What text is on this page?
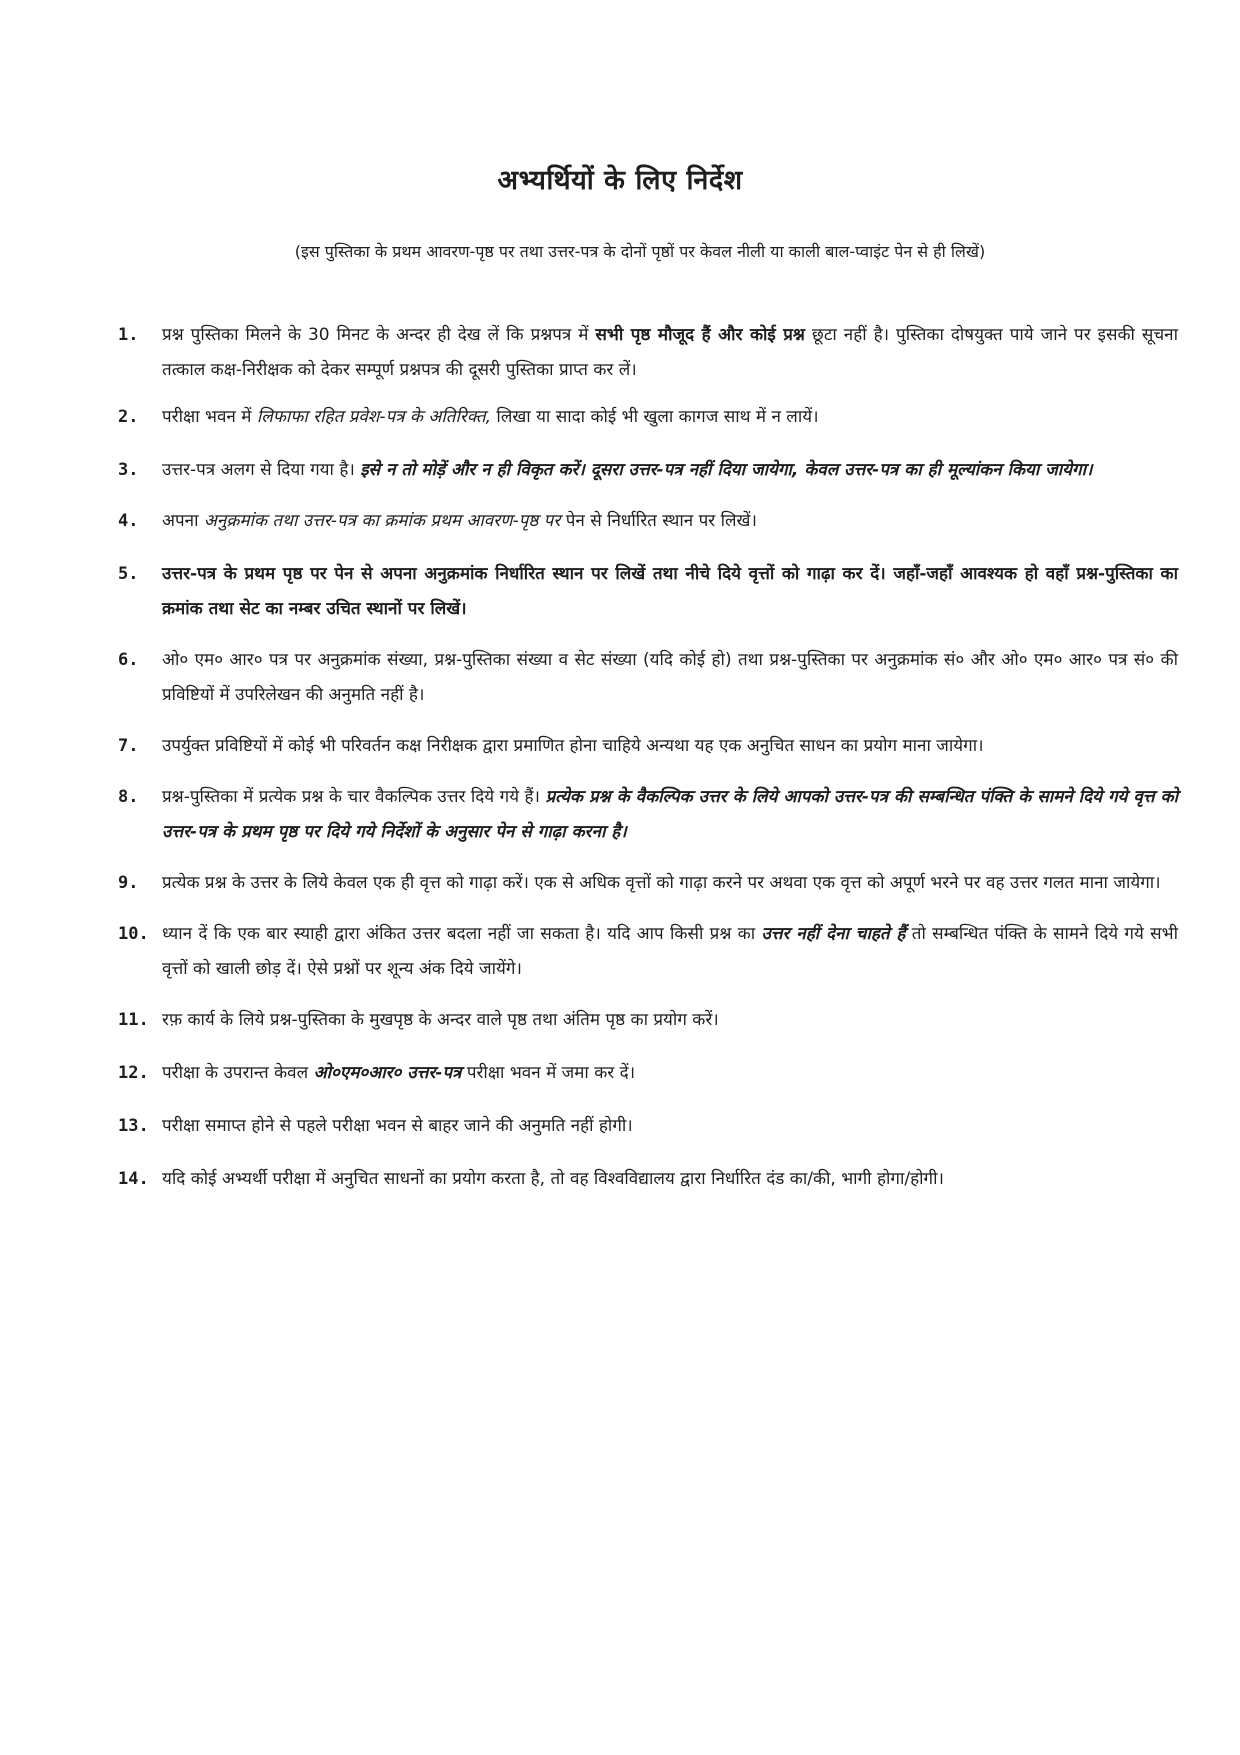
अभ्यर्थियों के लिए निर्देश
(इस पुस्तिका के प्रथम आवरण-पृष्ठ पर तथा उत्तर-पत्र के दोनों पृष्ठों पर केवल नीली या काली बाल-प्वाइंट पेन से ही लिखें)
1. प्रश्न पुस्तिका मिलने के 30 मिनट के अन्दर ही देख लें कि प्रश्नपत्र में सभी पृष्ठ मौजूद हैं और कोई प्रश्न छूटा नहीं है। पुस्तिका दोषयुक्त पाये जाने पर इसकी सूचना तत्काल कक्ष-निरीक्षक को देकर सम्पूर्ण प्रश्नपत्र की दूसरी पुस्तिका प्राप्त कर लें।
2. परीक्षा भवन में लिफाफा रहित प्रवेश-पत्र के अतिरिक्त, लिखा या सादा कोई भी खुला कागज साथ में न लायें।
3. उत्तर-पत्र अलग से दिया गया है। इसे न तो मोड़ें और न ही विकृत करें। दूसरा उत्तर-पत्र नहीं दिया जायेगा, केवल उत्तर-पत्र का ही मूल्यांकन किया जायेगा।
4. अपना अनुक्रमांक तथा उत्तर-पत्र का क्रमांक प्रथम आवरण-पृष्ठ पर पेन से निर्धारित स्थान पर लिखें।
5. उत्तर-पत्र के प्रथम पृष्ठ पर पेन से अपना अनुक्रमांक निर्धारित स्थान पर लिखें तथा नीचे दिये वृत्तों को गाढ़ा कर दें। जहाँ-जहाँ आवश्यक हो वहाँ प्रश्न-पुस्तिका का क्रमांक तथा सेट का नम्बर उचित स्थानों पर लिखें।
6. ओ० एम० आर० पत्र पर अनुक्रमांक संख्या, प्रश्न-पुस्तिका संख्या व सेट संख्या (यदि कोई हो) तथा प्रश्न-पुस्तिका पर अनुक्रमांक सं० और ओ० एम० आर० पत्र सं० की प्रविष्टियों में उपरिलेखन की अनुमति नहीं है।
7. उपर्युक्त प्रविष्टियों में कोई भी परिवर्तन कक्ष निरीक्षक द्वारा प्रमाणित होना चाहिये अन्यथा यह एक अनुचित साधन का प्रयोग माना जायेगा।
8. प्रश्न-पुस्तिका में प्रत्येक प्रश्न के चार वैकल्पिक उत्तर दिये गये हैं। प्रत्येक प्रश्न के वैकल्पिक उत्तर के लिये आपको उत्तर-पत्र की सम्बन्धित पंक्ति के सामने दिये गये वृत्त को उत्तर-पत्र के प्रथम पृष्ठ पर दिये गये निर्देशों के अनुसार पेन से गाढ़ा करना है।
9. प्रत्येक प्रश्न के उत्तर के लिये केवल एक ही वृत्त को गाढ़ा करें। एक से अधिक वृत्तों को गाढ़ा करने पर अथवा एक वृत्त को अपूर्ण भरने पर वह उत्तर गलत माना जायेगा।
10. ध्यान दें कि एक बार स्याही द्वारा अंकित उत्तर बदला नहीं जा सकता है। यदि आप किसी प्रश्न का उत्तर नहीं देना चाहते हैं तो सम्बन्धित पंक्ति के सामने दिये गये सभी वृत्तों को खाली छोड़ दें। ऐसे प्रश्नों पर शून्य अंक दिये जायेंगे।
11. रफ़ कार्य के लिये प्रश्न-पुस्तिका के मुखपृष्ठ के अन्दर वाले पृष्ठ तथा अंतिम पृष्ठ का प्रयोग करें।
12. परीक्षा के उपरान्त केवल ओ०एम०आर० उत्तर-पत्र परीक्षा भवन में जमा कर दें।
13. परीक्षा समाप्त होने से पहले परीक्षा भवन से बाहर जाने की अनुमति नहीं होगी।
14. यदि कोई अभ्यर्थी परीक्षा में अनुचित साधनों का प्रयोग करता है, तो वह विश्वविद्यालय द्वारा निर्धारित दंड का/की, भागी होगा/होगी।
